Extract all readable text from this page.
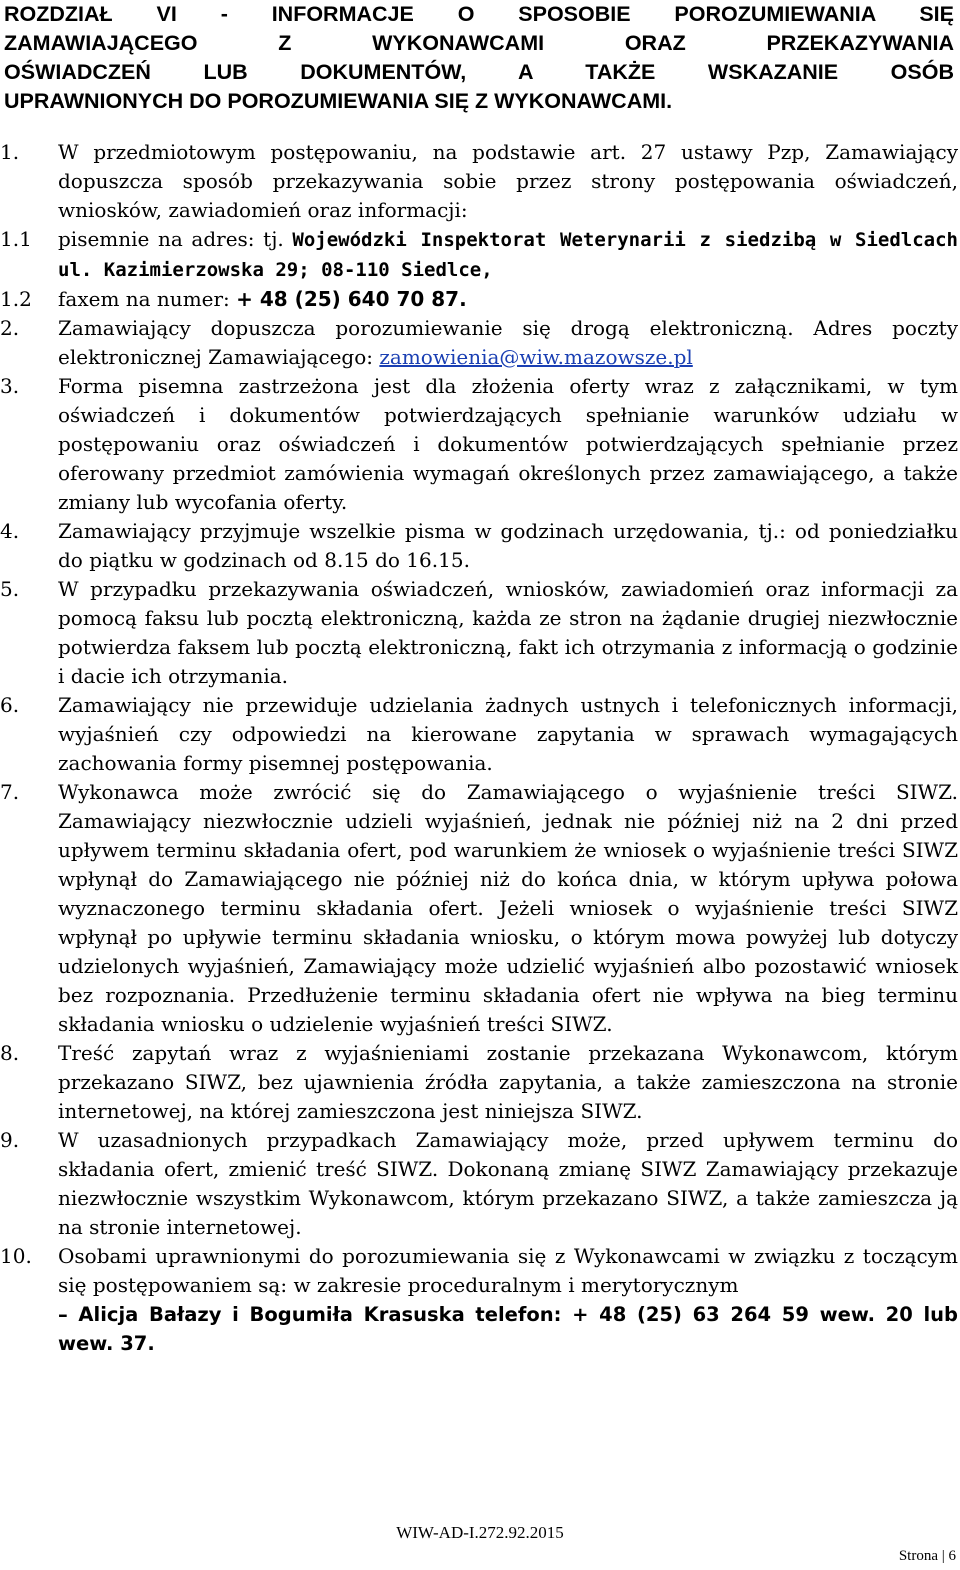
ROZDZIAŁ VI - INFORMACJE O SPOSOBIE POROZUMIEWANIA SIĘ
ZAMAWIAJĄCEGO Z WYKONAWCAMI ORAZ PRZEKAZYWANIA
OŚWIADCZEŃ LUB DOKUMENTÓW, A TAKŻE WSKAZANIE OSÓB
UPRAWNIONYCH DO POROZUMIEWANIA SIĘ Z WYKONAWCAMI.
1. W przedmiotowym postępowaniu, na podstawie art. 27 ustawy Pzp, Zamawiający dopuszcza sposób przekazywania sobie przez strony postępowania oświadczeń, wniosków, zawiadomień oraz informacji:
1.1	pisemnie na adres: tj. Wojewódzki Inspektorat Weterynarii z siedzibą w Siedlcach ul. Kazimierzowska 29; 08-110 Siedlce,
1.2	faxem na numer: + 48 (25) 640 70 87.
2. Zamawiający dopuszcza porozumiewanie się drogą elektroniczną. Adres poczty elektronicznej Zamawiającego: zamowienia@wiw.mazowsze.pl
3. Forma pisemna zastrzeżona jest dla złożenia oferty wraz z załącznikami, w tym oświadczeń i dokumentów potwierdzających spełnianie warunków udziału w postępowaniu oraz oświadczeń i dokumentów potwierdzających spełnianie przez oferowany przedmiot zamówienia wymagań określonych przez zamawiającego, a także zmiany lub wycofania oferty.
4. Zamawiający przyjmuje wszelkie pisma w godzinach urzędowania, tj.: od poniedziałku do piątku w godzinach od 8.15 do 16.15.
5. W przypadku przekazywania oświadczeń, wniosków, zawiadomień oraz informacji za pomocą faksu lub pocztą elektroniczną, każda ze stron na żądanie drugiej niezwłocznie potwierdza faksem lub pocztą elektroniczną, fakt ich otrzymania z informacją o godzinie i dacie ich otrzymania.
6. Zamawiający nie przewiduje udzielania żadnych ustnych i telefonicznych informacji, wyjaśnień czy odpowiedzi na kierowane zapytania w sprawach wymagających zachowania formy pisemnej postępowania.
7. Wykonawca może zwrócić się do Zamawiającego o wyjaśnienie treści SIWZ. Zamawiający niezwłocznie udzieli wyjaśnień, jednak nie później niż na 2 dni przed upływem terminu składania ofert, pod warunkiem że wniosek o wyjaśnienie treści SIWZ wpłynął do Zamawiającego nie później niż do końca dnia, w którym upływa połowa wyznaczonego terminu składania ofert. Jeżeli wniosek o wyjaśnienie treści SIWZ wpłynął po upływie terminu składania wniosku, o którym mowa powyżej lub dotyczy udzielonych wyjaśnień, Zamawiający może udzielić wyjaśnień albo pozostawić wniosek bez rozpoznania. Przedłużenie terminu składania ofert nie wpływa na bieg terminu składania wniosku o udzielenie wyjaśnień treści SIWZ.
8. Treść zapytań wraz z wyjaśnieniami zostanie przekazana Wykonawcom, którym przekazano SIWZ, bez ujawnienia źródła zapytania, a także zamieszczona na stronie internetowej, na której zamieszczona jest niniejsza SIWZ.
9. W uzasadnionych przypadkach Zamawiający może, przed upływem terminu do składania ofert, zmienić treść SIWZ. Dokonaną zmianę SIWZ Zamawiający przekazuje niezwłocznie wszystkim Wykonawcom, którym przekazano SIWZ, a także zamieszcza ją na stronie internetowej.
10. Osobami uprawnionymi do porozumiewania się z Wykonawcami w związku z toczącym się postępowaniem są: w zakresie proceduralnym i merytorycznym
– Alicja Bałazy i Bogumiła Krasuska telefon: + 48 (25) 63 264 59 wew. 20 lub wew. 37.
WIW-AD-I.272.92.2015
Strona | 6
